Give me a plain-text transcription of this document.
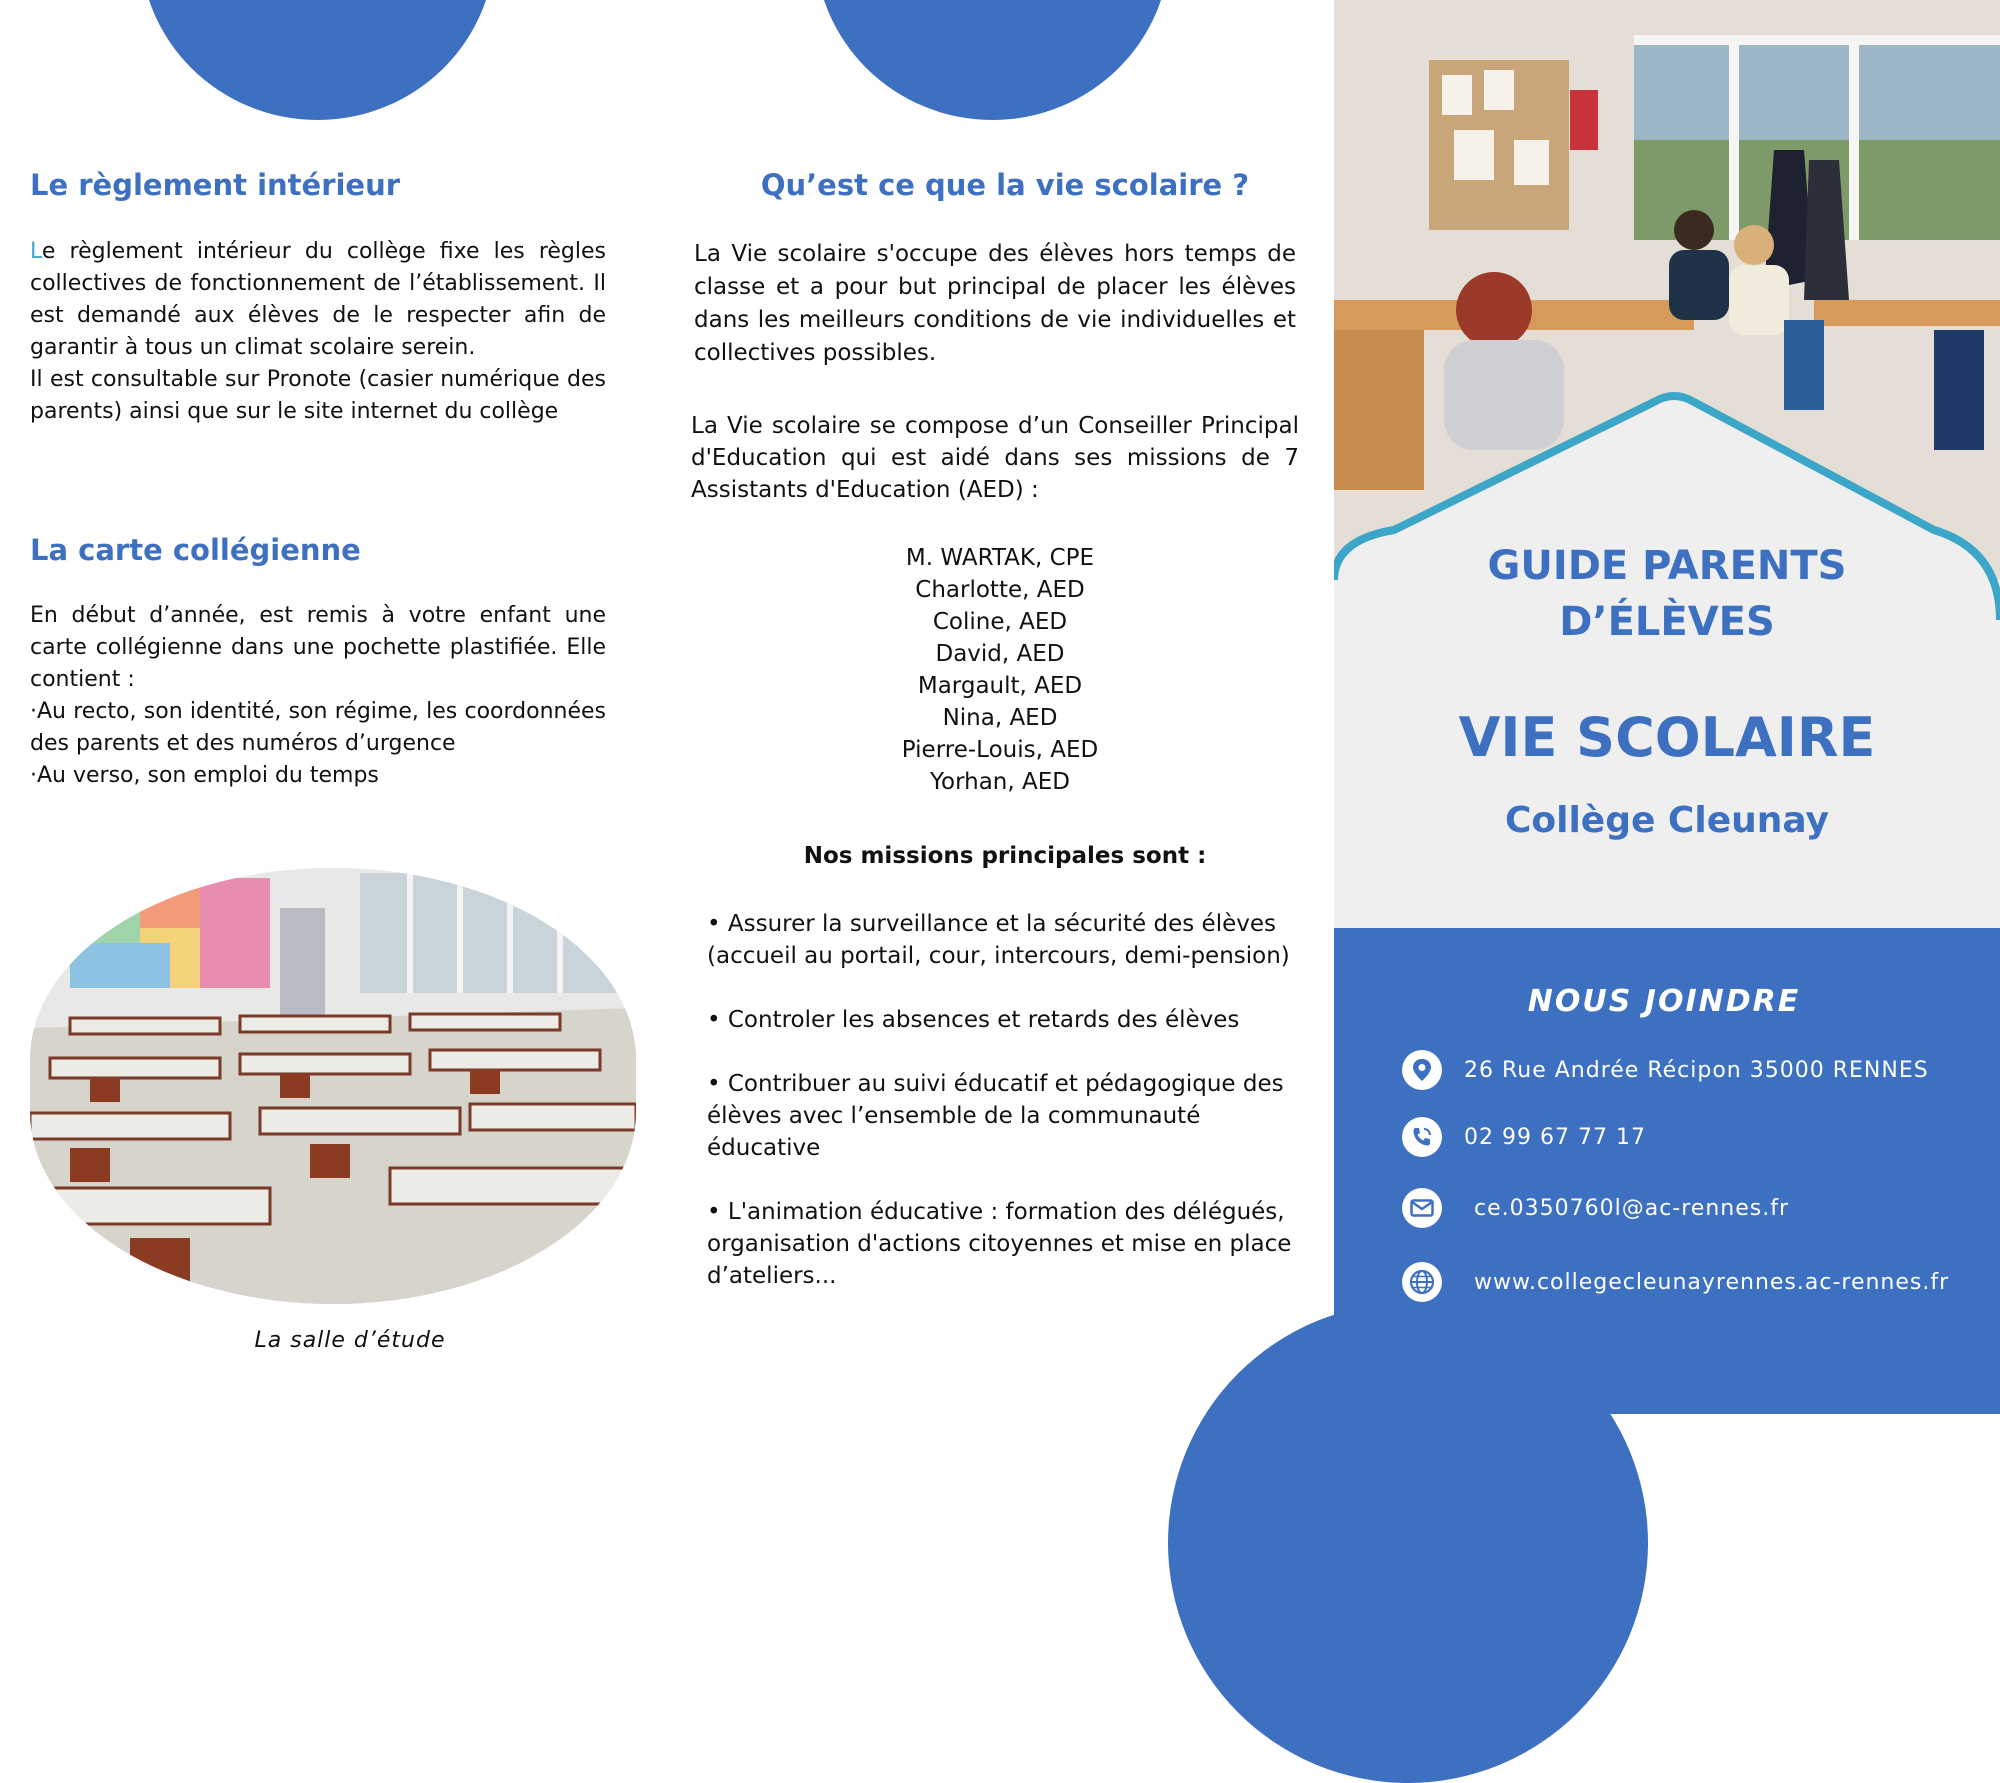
Le règlement intérieur

Le règlement intérieur du collège fixe les règles collectives de fonctionnement de l’établissement. Il est demandé aux élèves de le respecter afin de garantir à tous un climat scolaire serein.

Il est consultable sur Pronote (casier numérique des parents) ainsi que sur le site internet du collège

La carte collégienne

En début d’année, est remis à votre enfant une carte collégienne dans une pochette plastifiée. Elle contient :

·Au recto, son identité, son régime, les coordonnées des parents et des numéros d’urgence

·Au verso, son emploi du temps

La salle d’étude
Qu’est ce que la vie scolaire ?

La Vie scolaire s'occupe des élèves hors temps de classe et a pour but principal de placer les élèves dans les meilleurs conditions de vie individuelles et collectives possibles.

La Vie scolaire se compose d’un Conseiller Principal d'Education qui est aidé dans ses missions de 7 Assistants d'Education (AED) :

M. WARTAK, CPE
Charlotte, AED
Coline, AED
David, AED
Margault, AED
Nina, AED
Pierre-Louis, AED
Yorhan, AED
Nos missions principales sont :

• Assurer la surveillance et la sécurité des élèves (accueil au portail, cour, intercours, demi-pension)

• Controler les absences et retards des élèves

• Contribuer au suivi éducatif et pédagogique des élèves avec l’ensemble de la communauté éducative

• L'animation éducative : formation des délégués, organisation d'actions citoyennes et mise en place d’ateliers...

GUIDE PARENTS
D’ÉLÈVES
VIE SCOLAIRE
Collège Cleunay
NOUS JOINDRE
26 Rue Andrée Récipon 35000 RENNES
02 99 67 77 17
ce.0350760l@ac-rennes.fr
www.collegecleunayrennes.ac-rennes.fr
